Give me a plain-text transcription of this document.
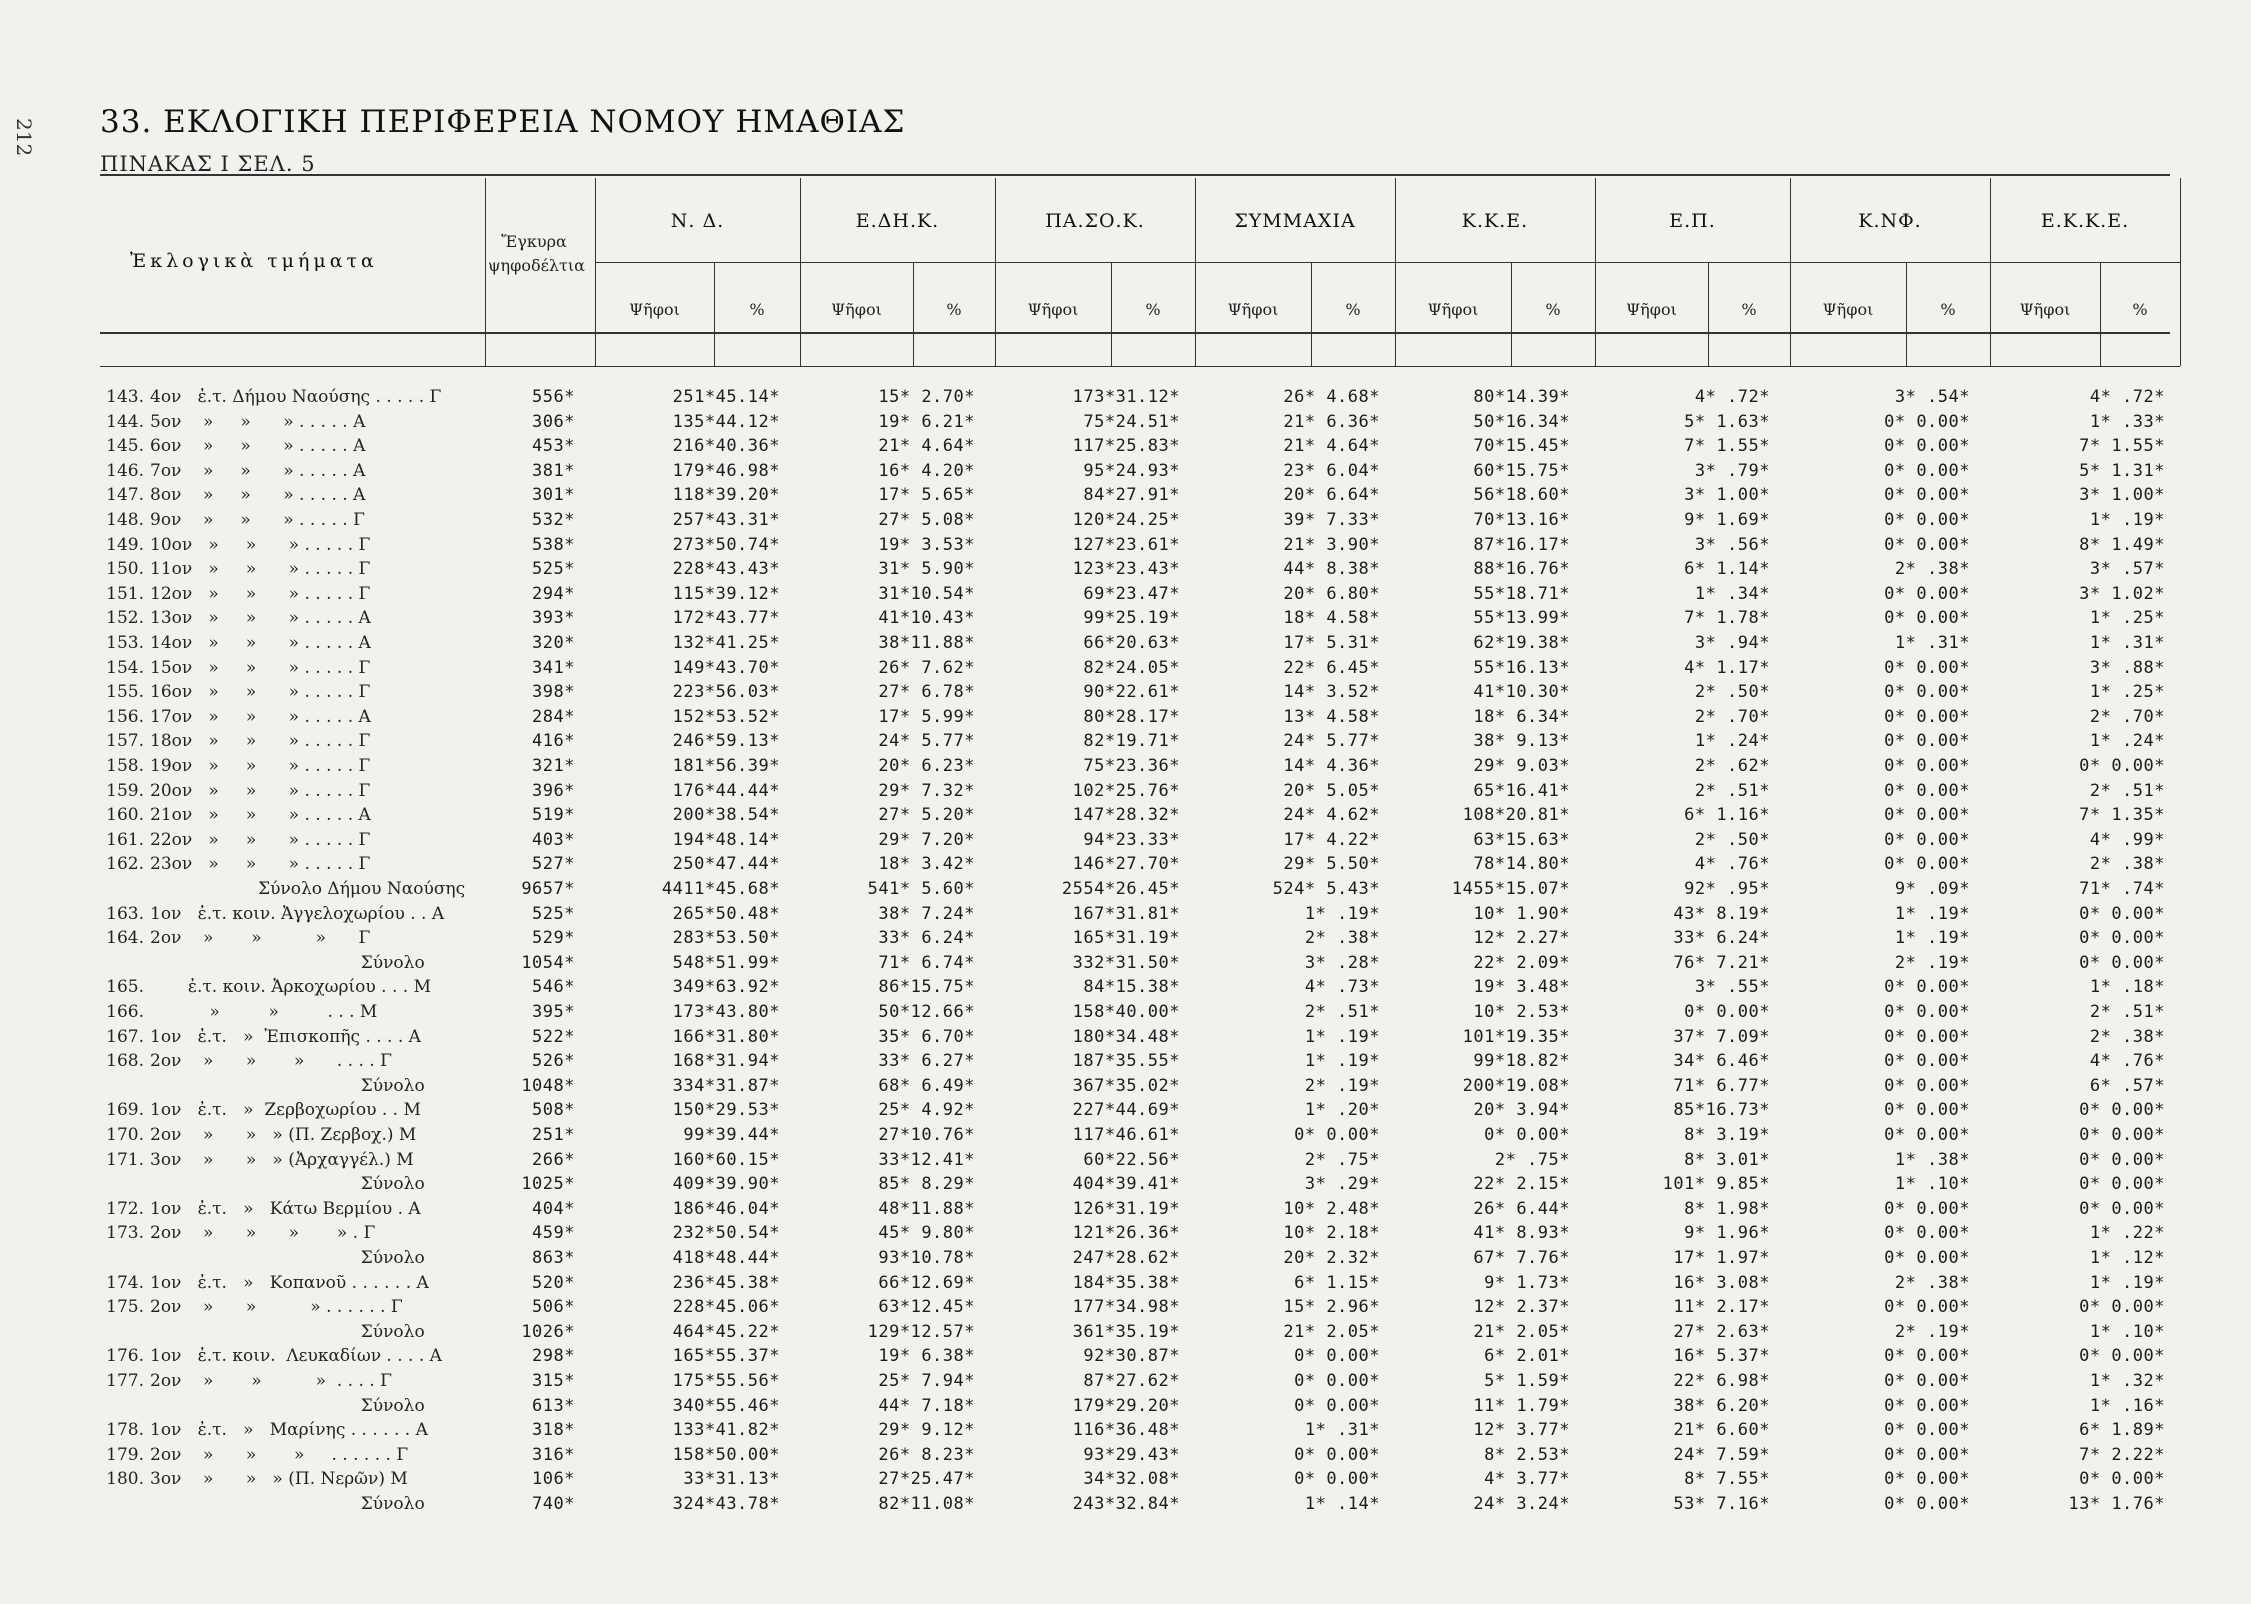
212

33. ΕΚΛΟΓΙΚΗ ΠΕΡΙΦΕΡΕΙΑ ΝΟΜΟΥ ΗΜΑΘΙΑΣ
ΠΙΝΑΚΑΣ Ι ΣΕΛ. 5
Ἐκλογικὰ τμήματα
Ἔγκυρα ψηφοδέλτια
Ν. Δ.
Ψῆφοι	%
Ε.ΔΗ.Κ.
Ψῆφοι	%
ΠΑ.ΣΟ.Κ.
Ψῆφοι	%
ΣΥΜΜΑΧΙΑ
Ψῆφοι	%
Κ.Κ.Ε.
Ψῆφοι	%
Ε.Π.
Ψῆφοι	%
Κ.ΝΦ.
Ψῆφοι	%
Ε.Κ.Κ.Ε.
Ψῆφοι	%
143. 4ον   ἐ.τ. Δήμου Ναούσης . . . . . Γ	556*	251*45.14*	15* 2.70*	173*31.12*	26* 4.68*	80*14.39*	4* .72*	3* .54*	4* .72*
144. 5ον    »     »      » . . . . . Α	306*	135*44.12*	19* 6.21*	75*24.51*	21* 6.36*	50*16.34*	5* 1.63*	0* 0.00*	1* .33*
145. 6ον    »     »      » . . . . . Α	453*	216*40.36*	21* 4.64*	117*25.83*	21* 4.64*	70*15.45*	7* 1.55*	0* 0.00*	7* 1.55*
146. 7ον    »     »      » . . . . . Α	381*	179*46.98*	16* 4.20*	95*24.93*	23* 6.04*	60*15.75*	3* .79*	0* 0.00*	5* 1.31*
147. 8ον    »     »      » . . . . . Α	301*	118*39.20*	17* 5.65*	84*27.91*	20* 6.64*	56*18.60*	3* 1.00*	0* 0.00*	3* 1.00*
148. 9ον    »     »      » . . . . . Γ	532*	257*43.31*	27* 5.08*	120*24.25*	39* 7.33*	70*13.16*	9* 1.69*	0* 0.00*	1* .19*
149. 10ον   »     »      » . . . . . Γ	538*	273*50.74*	19* 3.53*	127*23.61*	21* 3.90*	87*16.17*	3* .56*	0* 0.00*	8* 1.49*
150. 11ον   »     »      » . . . . . Γ	525*	228*43.43*	31* 5.90*	123*23.43*	44* 8.38*	88*16.76*	6* 1.14*	2* .38*	3* .57*
151. 12ον   »     »      » . . . . . Γ	294*	115*39.12*	31*10.54*	69*23.47*	20* 6.80*	55*18.71*	1* .34*	0* 0.00*	3* 1.02*
152. 13ον   »     »      » . . . . . Α	393*	172*43.77*	41*10.43*	99*25.19*	18* 4.58*	55*13.99*	7* 1.78*	0* 0.00*	1* .25*
153. 14ον   »     »      » . . . . . Α	320*	132*41.25*	38*11.88*	66*20.63*	17* 5.31*	62*19.38*	3* .94*	1* .31*	1* .31*
154. 15ον   »     »      » . . . . . Γ	341*	149*43.70*	26* 7.62*	82*24.05*	22* 6.45*	55*16.13*	4* 1.17*	0* 0.00*	3* .88*
155. 16ον   »     »      » . . . . . Γ	398*	223*56.03*	27* 6.78*	90*22.61*	14* 3.52*	41*10.30*	2* .50*	0* 0.00*	1* .25*
156. 17ον   »     »      » . . . . . Α	284*	152*53.52*	17* 5.99*	80*28.17*	13* 4.58*	18* 6.34*	2* .70*	0* 0.00*	2* .70*
157. 18ον   »     »      » . . . . . Γ	416*	246*59.13*	24* 5.77*	82*19.71*	24* 5.77*	38* 9.13*	1* .24*	0* 0.00*	1* .24*
158. 19ον   »     »      » . . . . . Γ	321*	181*56.39*	20* 6.23*	75*23.36*	14* 4.36*	29* 9.03*	2* .62*	0* 0.00*	0* 0.00*
159. 20ον   »     »      » . . . . . Γ	396*	176*44.44*	29* 7.32*	102*25.76*	20* 5.05*	65*16.41*	2* .51*	0* 0.00*	2* .51*
160. 21ον   »     »      » . . . . . Α	519*	200*38.54*	27* 5.20*	147*28.32*	24* 4.62*	108*20.81*	6* 1.16*	0* 0.00*	7* 1.35*
161. 22ον   »     »      » . . . . . Γ	403*	194*48.14*	29* 7.20*	94*23.33*	17* 4.22*	63*15.63*	2* .50*	0* 0.00*	4* .99*
162. 23ον   »     »      » . . . . . Γ	527*	250*47.44*	18* 3.42*	146*27.70*	29* 5.50*	78*14.80*	4* .76*	0* 0.00*	2* .38*
Σύνολο Δήμου Ναούσης	9657*	4411*45.68*	541* 5.60*	2554*26.45*	524* 5.43*	1455*15.07*	92* .95*	9* .09*	71* .74*
163. 1ον   ἐ.τ. κοιν. Ἀγγελοχωρίου . . Α	525*	265*50.48*	38* 7.24*	167*31.81*	1* .19*	10* 1.90*	43* 8.19*	1* .19*	0* 0.00*
164. 2ον    »       »          »      Γ	529*	283*53.50*	33* 6.24*	165*31.19*	2* .38*	12* 2.27*	33* 6.24*	1* .19*	0* 0.00*
Σύνολο	1054*	548*51.99*	71* 6.74*	332*31.50*	3* .28*	22* 2.09*	76* 7.21*	2* .19*	0* 0.00*
165. ἐ.τ. κοιν. Ἀρκοχωρίου . . . Μ	546*	349*63.92*	86*15.75*	84*15.38*	4* .73*	19* 3.48*	3* .55*	0* 0.00*	1* .18*
166. »         »         . . . Μ	395*	173*43.80*	50*12.66*	158*40.00*	2* .51*	10* 2.53*	0* 0.00*	0* 0.00*	2* .51*
167. 1ον   ἐ.τ.   »  Ἐπισκοπῆς . . . . Α	522*	166*31.80*	35* 6.70*	180*34.48*	1* .19*	101*19.35*	37* 7.09*	0* 0.00*	2* .38*
168. 2ον    »      »       »      . . . . Γ	526*	168*31.94*	33* 6.27*	187*35.55*	1* .19*	99*18.82*	34* 6.46*	0* 0.00*	4* .76*
Σύνολο	1048*	334*31.87*	68* 6.49*	367*35.02*	2* .19*	200*19.08*	71* 6.77*	0* 0.00*	6* .57*
169. 1ον   ἐ.τ.   »  Ζερβοχωρίου . . Μ	508*	150*29.53*	25* 4.92*	227*44.69*	1* .20*	20* 3.94*	85*16.73*	0* 0.00*	0* 0.00*
170. 2ον    »      »   » (Π. Ζερβοχ.) Μ	251*	99*39.44*	27*10.76*	117*46.61*	0* 0.00*	0* 0.00*	8* 3.19*	0* 0.00*	0* 0.00*
171. 3ον    »      »   » (Ἀρχαγγέλ.) Μ	266*	160*60.15*	33*12.41*	60*22.56*	2* .75*	2* .75*	8* 3.01*	1* .38*	0* 0.00*
Σύνολο	1025*	409*39.90*	85* 8.29*	404*39.41*	3* .29*	22* 2.15*	101* 9.85*	1* .10*	0* 0.00*
172. 1ον   ἐ.τ.   »   Κάτω Βερμίου . Α	404*	186*46.04*	48*11.88*	126*31.19*	10* 2.48*	26* 6.44*	8* 1.98*	0* 0.00*	0* 0.00*
173. 2ον    »      »      »       » . Γ	459*	232*50.54*	45* 9.80*	121*26.36*	10* 2.18*	41* 8.93*	9* 1.96*	0* 0.00*	1* .22*
Σύνολο	863*	418*48.44*	93*10.78*	247*28.62*	20* 2.32*	67* 7.76*	17* 1.97*	0* 0.00*	1* .12*
174. 1ον   ἐ.τ.   »   Κοπανοῦ . . . . . . Α	520*	236*45.38*	66*12.69*	184*35.38*	6* 1.15*	9* 1.73*	16* 3.08*	2* .38*	1* .19*
175. 2ον    »      »          » . . . . . . Γ	506*	228*45.06*	63*12.45*	177*34.98*	15* 2.96*	12* 2.37*	11* 2.17*	0* 0.00*	0* 0.00*
Σύνολο	1026*	464*45.22*	129*12.57*	361*35.19*	21* 2.05*	21* 2.05*	27* 2.63*	2* .19*	1* .10*
176. 1ον   ἐ.τ. κοιν.  Λευκαδίων . . . . Α	298*	165*55.37*	19* 6.38*	92*30.87*	0* 0.00*	6* 2.01*	16* 5.37*	0* 0.00*	0* 0.00*
177. 2ον    »       »          »  . . . . Γ	315*	175*55.56*	25* 7.94*	87*27.62*	0* 0.00*	5* 1.59*	22* 6.98*	0* 0.00*	1* .32*
Σύνολο	613*	340*55.46*	44* 7.18*	179*29.20*	0* 0.00*	11* 1.79*	38* 6.20*	0* 0.00*	1* .16*
178. 1ον   ἐ.τ.   »   Μαρίνης . . . . . . Α	318*	133*41.82*	29* 9.12*	116*36.48*	1* .31*	12* 3.77*	21* 6.60*	0* 0.00*	6* 1.89*
179. 2ον    »      »       »     . . . . . . Γ	316*	158*50.00*	26* 8.23*	93*29.43*	0* 0.00*	8* 2.53*	24* 7.59*	0* 0.00*	7* 2.22*
180. 3ον    »      »   » (Π. Νερῶν) Μ	106*	33*31.13*	27*25.47*	34*32.08*	0* 0.00*	4* 3.77*	8* 7.55*	0* 0.00*	0* 0.00*
Σύνολο	740*	324*43.78*	82*11.08*	243*32.84*	1* .14*	24* 3.24*	53* 7.16*	0* 0.00*	13* 1.76*
